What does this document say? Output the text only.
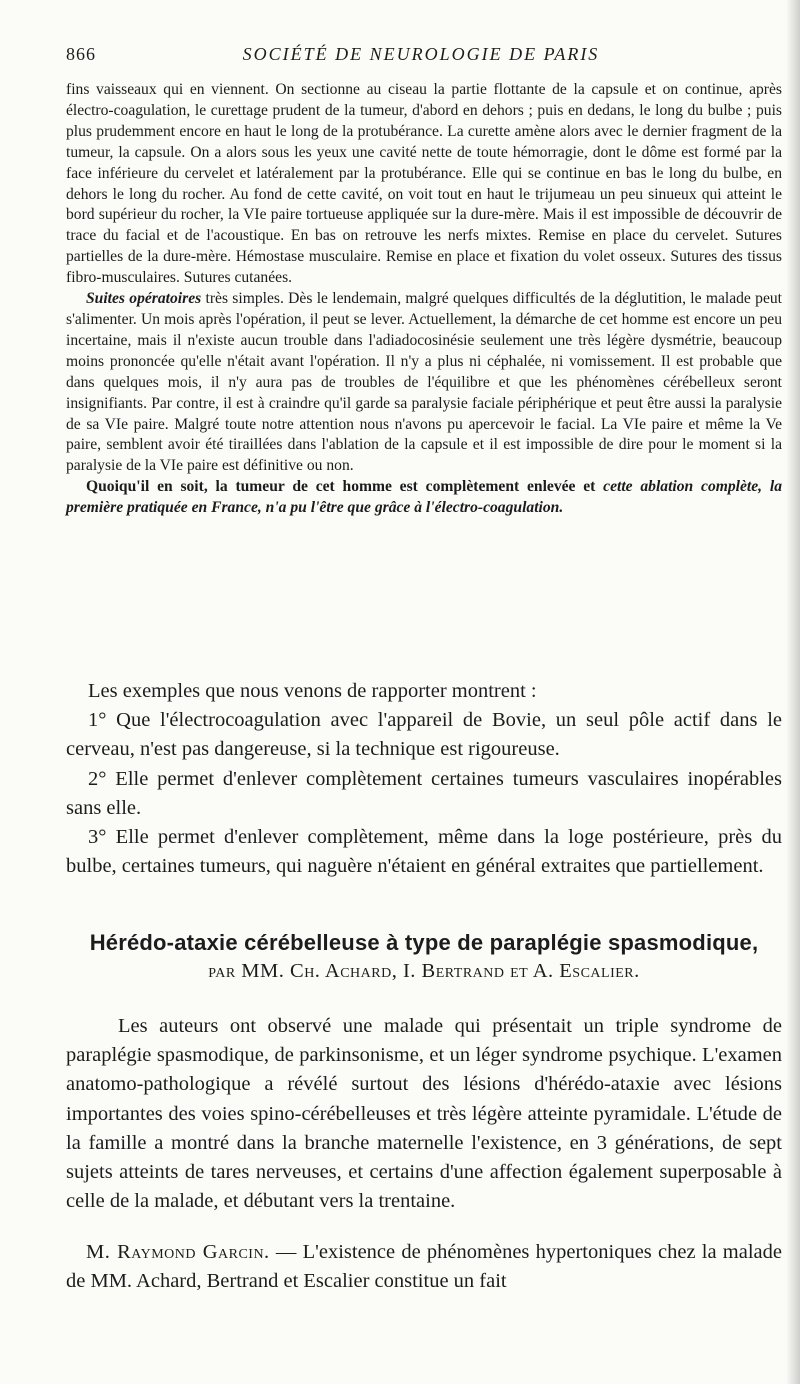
866	SOCIÉTÉ DE NEUROLOGIE DE PARIS

fins vaisseaux qui en viennent. On sectionne au ciseau la partie flottante de la capsule et on continue, après électro-coagulation, le curettage prudent de la tumeur, d'abord en dehors ; puis en dedans, le long du bulbe ; puis plus prudemment encore en haut le long de la protubérance. La curette amène alors avec le dernier fragment de la tumeur, la capsule. On a alors sous les yeux une cavité nette de toute hémorragie, dont le dôme est formé par la face inférieure du cervelet et latéralement par la protubérance. Elle qui se continue en bas le long du bulbe, en dehors le long du rocher. Au fond de cette cavité, on voit tout en haut le trijumeau un peu sinueux qui atteint le bord supérieur du rocher, la VIe paire tortueuse appliquée sur la dure-mère. Mais il est impossible de découvrir de trace du facial et de l'acoustique. En bas on retrouve les nerfs mixtes. Remise en place du cervelet. Sutures partielles de la dure-mère. Hémostase musculaire. Remise en place et fixation du volet osseux. Sutures des tissus fibro-musculaires. Sutures cutanées.

Suites opératoires très simples. Dès le lendemain, malgré quelques difficultés de la déglutition, le malade peut s'alimenter. Un mois après l'opération, il peut se lever. Actuellement, la démarche de cet homme est encore un peu incertaine, mais il n'existe aucun trouble dans l'adiadocosinésie seulement une très légère dysmétrie, beaucoup moins prononcée qu'elle n'était avant l'opération. Il n'y a plus ni céphalée, ni vomissement. Il est probable que dans quelques mois, il n'y aura pas de troubles de l'équilibre et que les phénomènes cérébelleux seront insignifiants. Par contre, il est à craindre qu'il garde sa paralysie faciale périphérique et peut être aussi la paralysie de sa VIe paire. Malgré toute notre attention nous n'avons pu apercevoir le facial. La VIe paire et même la Ve paire, semblent avoir été tiraillées dans l'ablation de la capsule et il est impossible de dire pour le moment si la paralysie de la VIe paire est définitive ou non.

Quoiqu'il en soit, la tumeur de cet homme est complètement enlevée et cette ablation complète, la première pratiquée en France, n'a pu l'être que grâce à l'électro-coagulation.

Les exemples que nous venons de rapporter montrent :

1° Que l'électrocoagulation avec l'appareil de Bovie, un seul pôle actif dans le cerveau, n'est pas dangereuse, si la technique est rigoureuse.

2° Elle permet d'enlever complètement certaines tumeurs vasculaires inopérables sans elle.

3° Elle permet d'enlever complètement, même dans la loge postérieure, près du bulbe, certaines tumeurs, qui naguère n'étaient en général extraites que partiellement.

Hérédo-ataxie cérébelleuse à type de paraplégie spasmodique,
par MM. Ch. Achard, I. Bertrand et A. Escalier.

Les auteurs ont observé une malade qui présentait un triple syndrome de paraplégie spasmodique, de parkinsonisme, et un léger syndrome psychique. L'examen anatomo-pathologique a révélé surtout des lésions d'hérédo-ataxie avec lésions importantes des voies spino-cérébelleuses et très légère atteinte pyramidale. L'étude de la famille a montré dans la branche maternelle l'existence, en 3 générations, de sept sujets atteints de tares nerveuses, et certains d'une affection également superposable à celle de la malade, et débutant vers la trentaine.

M. Raymond Garcin. — L'existence de phénomènes hypertoniques chez la malade de MM. Achard, Bertrand et Escalier constitue un fait
